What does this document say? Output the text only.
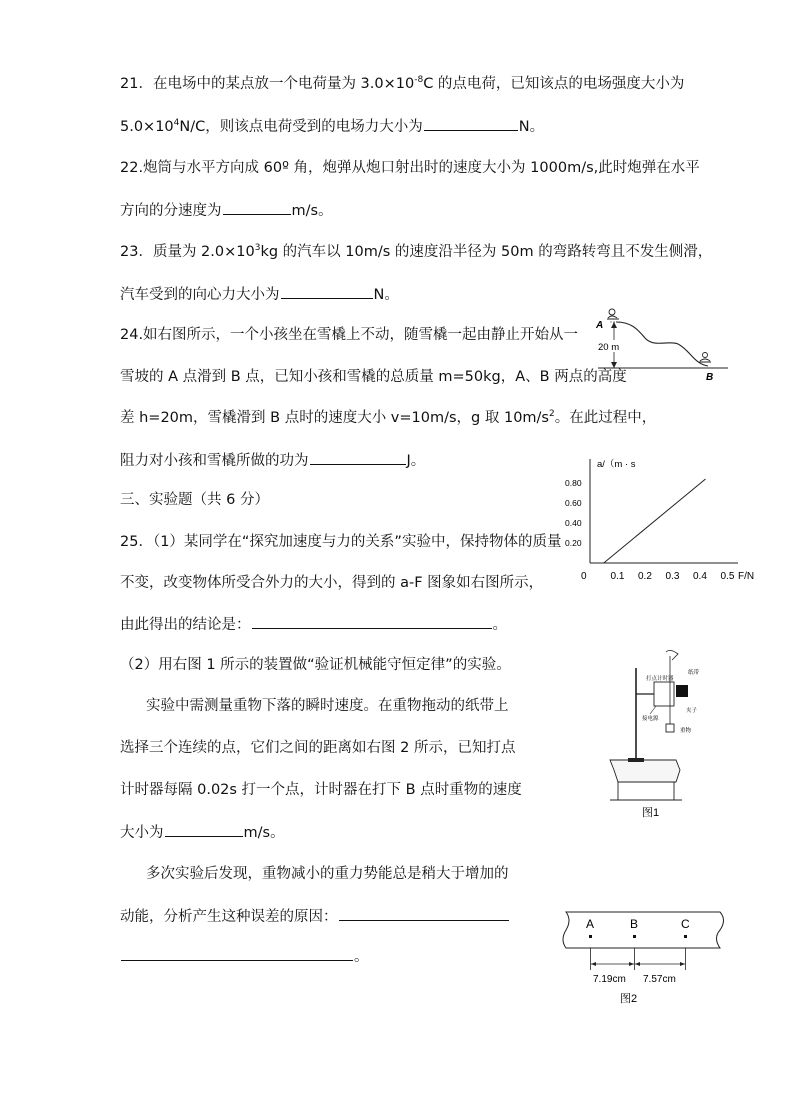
21．在电场中的某点放一个电荷量为 $3.0\times 10^{-8}C$ 的点电荷，已知该点的电场强度大小为
$5.0\times 10^4N/C$，则该点电荷受到的电场力大小为	N。
22.炮筒与水平方向成 60º 角，炮弹从炮口射出时的速度大小为 1000m/s,此时炮弹在水平
方向的分速度为	m/s。
23．质量为 $2.0\times 10^3kg$ 的汽车以 10m/s 的速度沿半径为 50m 的弯路转弯且不发生侧滑，
汽车受到的向心力大小为	N。
24.如右图所示，一个小孩坐在雪橇上不动，随雪橇一起由静止开始从一
雪坡的 A 点滑到 B 点，已知小孩和雪橇的总质量 m=50kg，A、B 两点的高度
差 h=20m，雪橇滑到 B 点时的速度大小 v=10m/s，g 取 $10m/s^2$。在此过程中，
阻力对小孩和雪橇所做的功为	J。
三、实验题（共 6 分）
25．（1）某同学在“探究加速度与力的关系”实验中，保持物体的质量
不变，改变物体所受合外力的大小，得到的 a-F 图象如右图所示，
由此得出的结论是：	。
（2）用右图 1 所示的装置做“验证机械能守恒定律”的实验。
实验中需测量重物下落的瞬时速度。在重物拖动的纸带上
选择三个连续的点，它们之间的距离如右图 2 所示，已知打点
计时器每隔 0.02s 打一个点，计时器在打下 B 点时重物的速度
大小为	m/s。
多次实验后发现，重物减小的重力势能总是稍大于增加的
动能，分析产生这种误差的原因：
。
A
B
20 m
a/（m · s
F/N
0 0.1 0.2 0.3 0.4 0.5
0.20
0.40
0.60
0.80
打点计时器
纸带
夹子
接电源
重物
图1
A	B	C
7.19cm 7.57cm
图2
